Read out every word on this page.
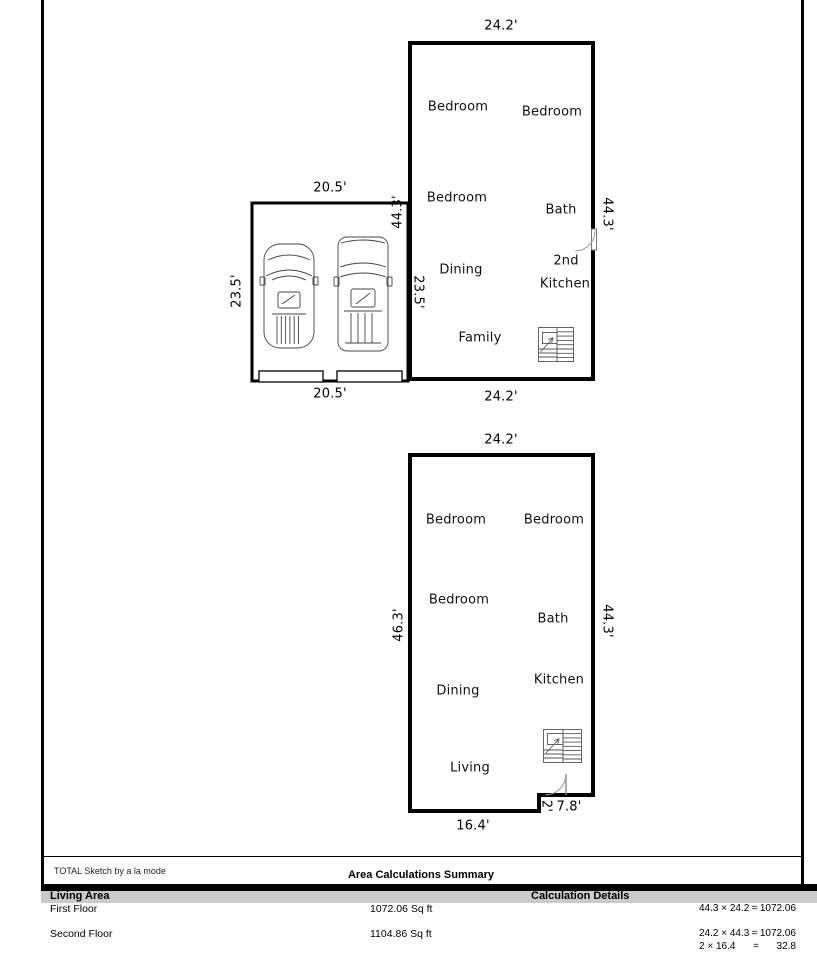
24.2'
24.2'
44.3'	44.3'
20.5'
20.5'
23.5'	23.5'
Bedroom	Bedroom
Bedroom
Bath
Dining
2nd
Kitchen
Family
24.2'
46.3'	44.3'
16.4'
7.8'
2'
Bedroom	Bedroom
Bedroom
Bath
Dining
Kitchen
Living
TOTAL Sketch by a la mode	Area Calculations Summary
Living Area	Calculation Details
First Floor	1072.06 Sq ft	44.3 × 24.2 = 1072.06
Second Floor	1104.86 Sq ft	24.2 × 44.3 = 1072.06
2 × 16.4 = 32.8
